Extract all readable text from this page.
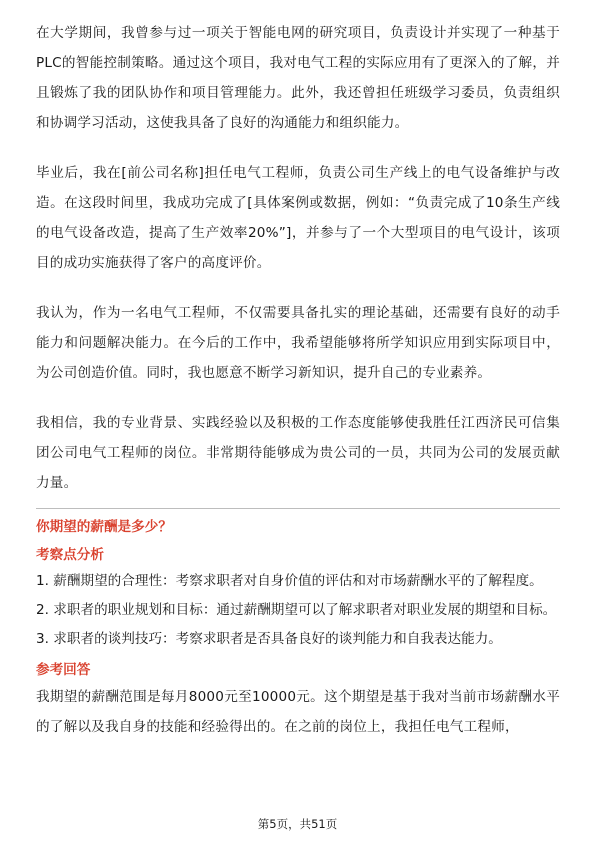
在大学期间，我曾参与过一项关于智能电网的研究项目，负责设计并实现了一种基于PLC的智能控制策略。通过这个项目，我对电气工程的实际应用有了更深入的了解，并且锻炼了我的团队协作和项目管理能力。此外，我还曾担任班级学习委员，负责组织和协调学习活动，这使我具备了良好的沟通能力和组织能力。

毕业后，我在[前公司名称]担任电气工程师，负责公司生产线上的电气设备维护与改造。在这段时间里，我成功完成了[具体案例或数据，例如：“负责完成了10条生产线的电气设备改造，提高了生产效率20%”]，并参与了一个大型项目的电气设计，该项目的成功实施获得了客户的高度评价。

我认为，作为一名电气工程师，不仅需要具备扎实的理论基础，还需要有良好的动手能力和问题解决能力。在今后的工作中，我希望能够将所学知识应用到实际项目中，为公司创造价值。同时，我也愿意不断学习新知识，提升自己的专业素养。

我相信，我的专业背景、实践经验以及积极的工作态度能够使我胜任江西济民可信集团公司电气工程师的岗位。非常期待能够成为贵公司的一员，共同为公司的发展贡献力量。

你期望的薪酬是多少？

考察点分析

1. 薪酬期望的合理性：考察求职者对自身价值的评估和对市场薪酬水平的了解程度。
2. 求职者的职业规划和目标：通过薪酬期望可以了解求职者对职业发展的期望和目标。
3. 求职者的谈判技巧：考察求职者是否具备良好的谈判能力和自我表达能力。

参考回答

我期望的薪酬范围是每月8000元至10000元。这个期望是基于我对当前市场薪酬水平的了解以及我自身的技能和经验得出的。在之前的岗位上，我担任电气工程师，

第5页，共51页
